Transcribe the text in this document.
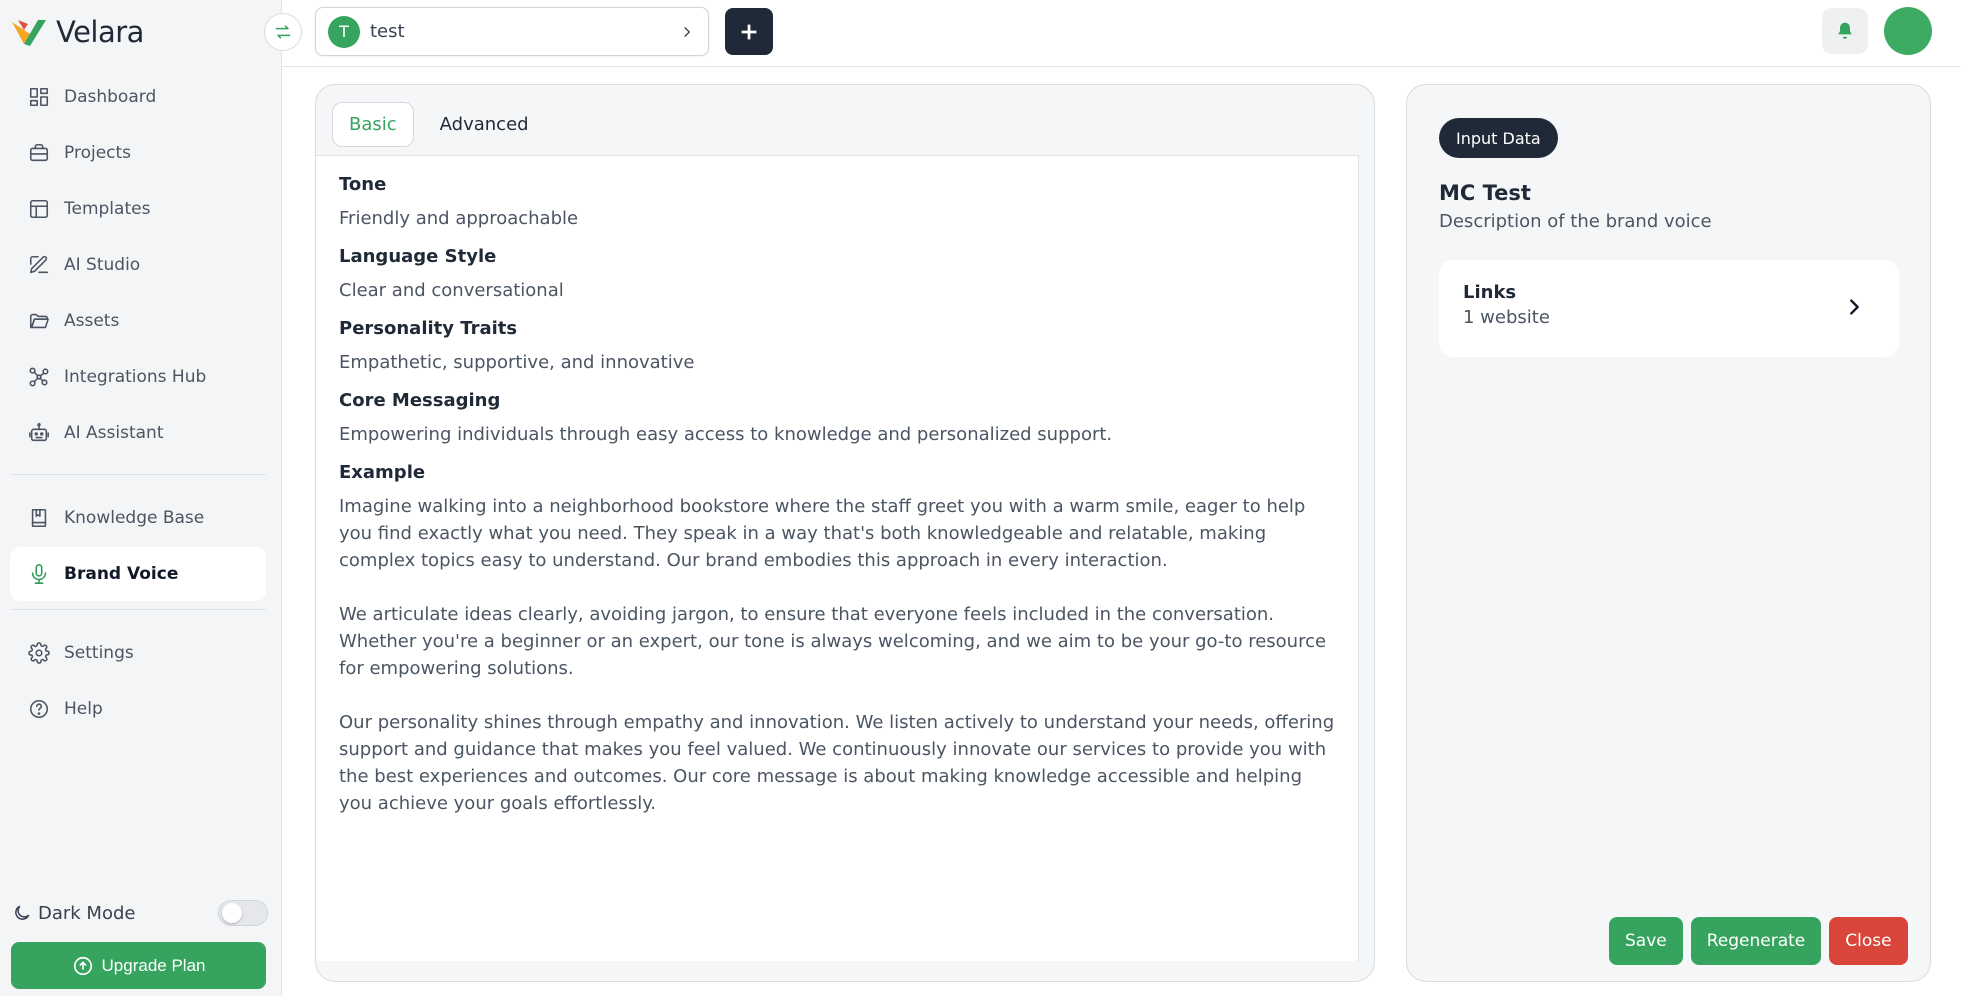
Velara
Dashboard
Projects
Templates
AI Studio
Assets
Integrations Hub
AI Assistant
Knowledge Base
Brand Voice
Settings
Help
Dark Mode
Upgrade Plan
T	test
Basic	Advanced
Tone
Friendly and approachable
Language Style
Clear and conversational
Personality Traits
Empathetic, supportive, and innovative
Core Messaging
Empowering individuals through easy access to knowledge and personalized support.
Example

Imagine walking into a neighborhood bookstore where the staff greet you with a warm smile, eager to help you find exactly what you need. They speak in a way that's both knowledgeable and relatable, making complex topics easy to understand. Our brand embodies this approach in every interaction.

We articulate ideas clearly, avoiding jargon, to ensure that everyone feels included in the conversation. Whether you're a beginner or an expert, our tone is always welcoming, and we aim to be your go-to resource for empowering solutions.

Our personality shines through empathy and innovation. We listen actively to understand your needs, offering support and guidance that makes you feel valued. We continuously innovate our services to provide you with the best experiences and outcomes. Our core message is about making knowledge accessible and helping you achieve your goals effortlessly.

Input Data
MC Test
Description of the brand voice
Links
1 website
Save	Regenerate	Close
